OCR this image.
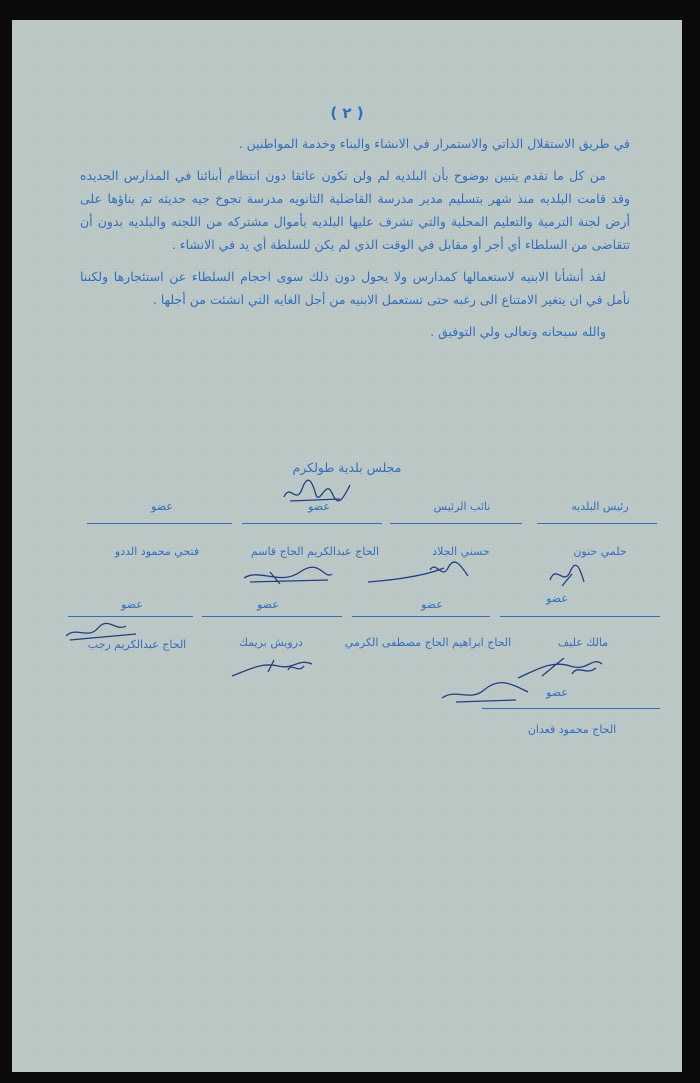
( ٢ )

في طريق الاستقلال الذاتي والاستمرار في الانشاء والبناء وخدمة المواطنين .

من كل ما تقدم يتبين بوضوح بأن البلديه لم ولن تكون عائقا دون انتظام أبنائنا في المدارس الجديده وقد قامت البلديه منذ شهر بتسليم مدير مدرسة القاضلية الثانويه مدرسة تجوخ جيه حديثه تم بناؤها على أرض لجنة الترمية والتعليم المحلية والتي تشرف عليها البلديه بأموال مشتركه من اللجنه والبلديه بدون أن تتقاضى من السلطاء أي أجر أو مقابل في الوقت الذي لم يكن للسلطة أي يد في الانشاء .

لقد أنشأنا الابنيه لاستعمالها كمدارس ولا يحول دون ذلك سوى احجام السلطاء عن استئجارها ولكننا نأمل في ان يتغير الامتناع الى رغبه حتى تستعمل الابنيه من أجل الغايه التي انشئت من أجلها .

والله سبحانه وتعالى ولي التوفيق .

مجلس بلدية طولكرم
رئيس البلديه
نائب الرئيس
عضو
عضو
حلمي حنون
حسني الجلاد
الحاج عبدالكريم الحاج قاسم
فتحي محمود الددو
عضو
عضو
عضو
عضو
مالك عليف
الحاج ابراهيم الحاج مصطفى الكرمي
درويش بريمك
الحاج عبدالكريم رجب
عضو
الحاج محمود قعدان
